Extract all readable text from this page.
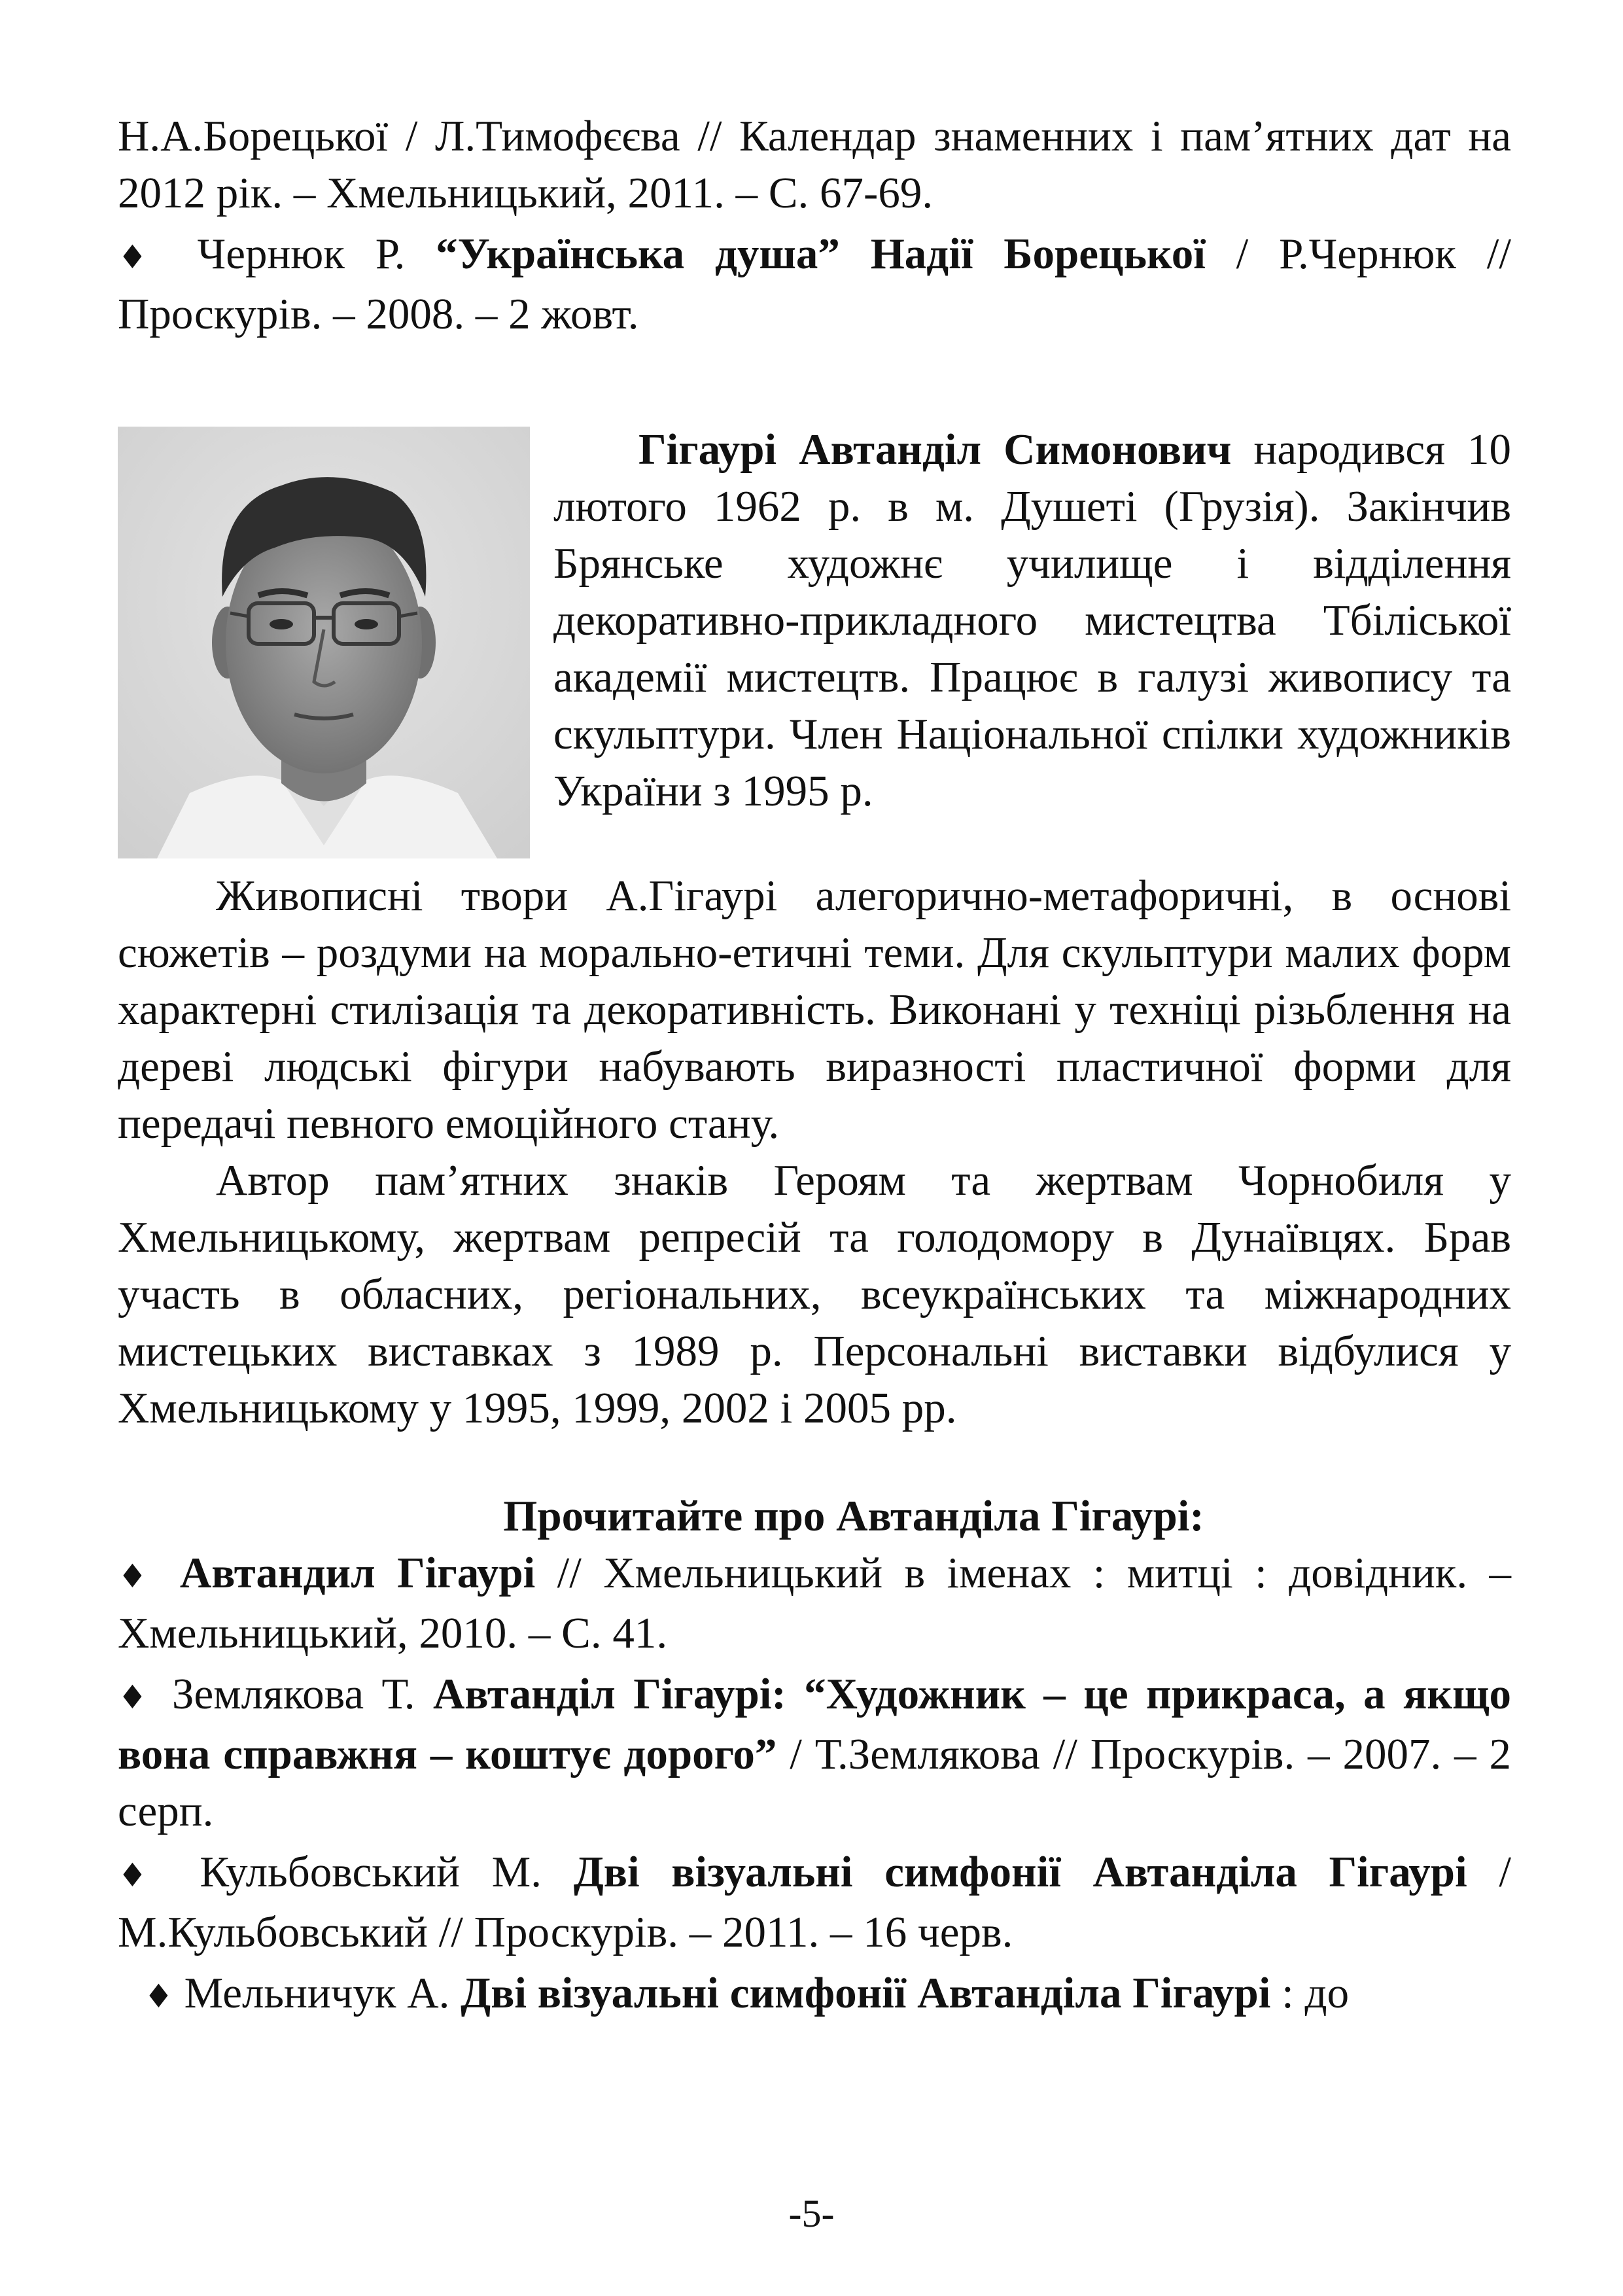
Н.А.Борецької / Л.Тимофєєва // Календар знаменних і пам’ятних дат на 2012 рік. – Хмельницький, 2011. – С. 67-69.

♦ Чернюк Р. “Українська душа” Надії Борецької / Р.Чернюк // Проскурів. – 2008. – 2 жовт.

Гігаурі Автанділ Симонович народився 10 лютого 1962 р. в м. Душеті (Грузія). Закінчив Брянське художнє училище і відділення декоративно-прикладного мистецтва Тбіліської академії мистецтв. Працює в галузі живопису та скульптури. Член Національної спілки художників України з 1995 р.

Живописні твори А.Гігаурі алегорично-метафоричні, в основі сюжетів – роздуми на морально-етичні теми. Для скульптури малих форм характерні стилізація та декоративність. Виконані у техніці різьблення на дереві людські фігури набувають виразності пластичної форми для передачі певного емоційного стану.

Автор пам’ятних знаків Героям та жертвам Чорнобиля у Хмельницькому, жертвам репресій та голодомору в Дунаївцях. Брав участь в обласних, регіональних, всеукраїнських та міжнародних мистецьких виставках з 1989 р. Персональні виставки відбулися у Хмельницькому у 1995, 1999, 2002 і 2005 рр.

Прочитайте про Автанділа Гігаурі:

♦ Автандил Гігаурі // Хмельницький в іменах : митці : довідник. – Хмельницький, 2010. – С. 41.

♦ Землякова Т. Автанділ Гігаурі: “Художник – це прикраса, а якщо вона справжня – коштує дорого” / Т.Землякова // Проскурів. – 2007. – 2 серп.

♦ Кульбовський М. Дві візуальні симфонії Автанділа Гігаурі / М.Кульбовський // Проскурів. – 2011. – 16 черв.

♦ Мельничук А. Дві візуальні симфонії Автанділа Гігаурі : до

-5-
